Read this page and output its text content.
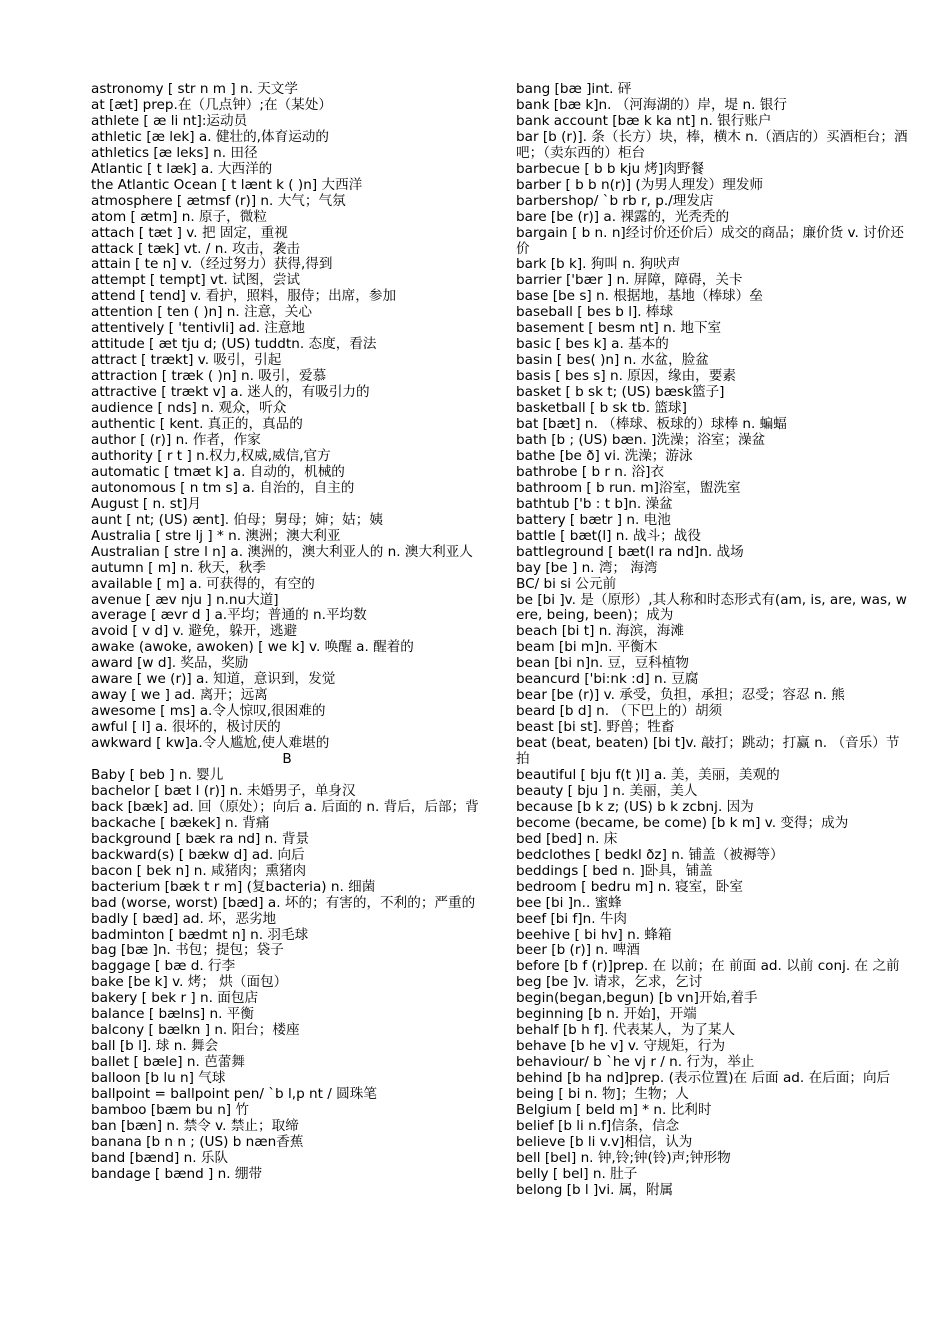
astronomy [ str n m ] n. 天文学
at [æt] prep.在（几点钟）;在（某处）
athlete [ æ li nt]:运动员
athletic [æ lek] a. 健壮的,体育运动的
athletics [æ leks] n. 田径
Atlantic [ t læk] a. 大西洋的
the Atlantic Ocean [ t lænt k ( )n] 大西洋
atmosphere [ ætmsf (r)] n. 大气；气氛
atom [ ætm] n. 原子，微粒
attach [ tæt ] v. 把 固定，重视
attack [ tæk] vt. / n. 攻击，袭击
attain [ te n] v.（经过努力）获得,得到
attempt [ tempt] vt. 试图，尝试
attend [ tend] v. 看护，照料，服侍；出席，参加
attention [ ten ( )n] n. 注意，关心
attentively [ 'tentivli] ad. 注意地
attitude [ æt tju d; (US) tuddtn. 态度，看法
attract [ trækt] v. 吸引，引起
attraction [ træk ( )n] n. 吸引，爱慕
attractive [ trækt v] a. 迷人的，有吸引力的
audience [ nds] n. 观众，听众
authentic [ kent. 真正的，真品的
author [ (r)] n. 作者，作家
authority [ r t ] n.权力,权威,威信,官方
automatic [ tmæt k] a. 自动的，机械的
autonomous [ n tm s] a. 自治的，自主的
August [ n. st]月
aunt [ nt; (US) ænt]. 伯母；舅母；婶；姑；姨
Australia [ stre lj ] * n. 澳洲；澳大利亚
Australian [ stre l n] a. 澳洲的，澳大利亚人的 n. 澳大利亚人
autumn [ m] n. 秋天，秋季
available [ m] a. 可获得的，有空的
avenue [ æv nju ] n.nu大道]
average [ ævr d ] a.平均；普通的 n.平均数
avoid [ v d] v. 避免，躲开，逃避
awake (awoke, awoken) [ we k] v. 唤醒 a. 醒着的
award [w d]. 奖品，奖励
aware [ we (r)] a. 知道，意识到，发觉
away [ we ] ad. 离开；远离
awesome [ ms] a.令人惊叹,很困难的
awful [ l] a. 很坏的，极讨厌的
awkward [ kw]a.令人尴尬,使人难堪的
B
Baby [ beb ] n. 婴儿
bachelor [ bæt l (r)] n. 未婚男子，单身汉
back [bæk] ad. 回（原处）；向后 a. 后面的 n. 背后，后部；背
backache [ bækek] n. 背痛
background [ bæk ra nd] n. 背景
backward(s) [ bækw d] ad. 向后
bacon [ bek n] n. 咸猪肉；熏猪肉
bacterium [bæk t r m] (复bacteria) n. 细菌
bad (worse, worst) [bæd] a. 坏的；有害的，不利的；严重的
badly [ bæd] ad. 坏，恶劣地
badminton [ bædmt n] n. 羽毛球
bag [bæ ]n. 书包；提包；袋子
baggage [ bæ d. 行李
bake [be k] v. 烤； 烘（面包）
bakery [ bek r ] n. 面包店
balance [ bælns] n. 平衡
balcony [ bælkn ] n. 阳台；楼座
ball [b l]. 球 n. 舞会
ballet [ bæle] n. 芭蕾舞
balloon [b lu n] 气球
ballpoint = ballpoint pen/ `b l,p nt / 圆珠笔
bamboo [bæm bu n] 竹
ban [bæn] n. 禁令 v. 禁止；取缔
banana [b n n ; (US) b næn香蕉
band [bænd] n. 乐队
bandage [ bænd ] n. 绷带
bang [bæ ]int. 砰
bank [bæ k]n. （河海湖的）岸，堤 n. 银行
bank account [bæ k ka nt] n. 银行账户
bar [b (r)]. 条（长方）块，棒，横木 n.（酒店的）买酒柜台；酒吧；（卖东西的）柜台
barbecue [ b b kju 烤]肉野餐
barber [ b b n(r)] (为男人理发）理发师
barbershop/ `b rb r, p./理发店
bare [be (r)] a. 裸露的，光秃秃的
bargain [ b n. n]经讨价还价后）成交的商品；廉价货 v. 讨价还价
bark [b k]. 狗叫 n. 狗吠声
barrier ['bær ] n. 屏障，障碍，关卡
base [be s] n. 根据地，基地（棒球）垒
baseball [ bes b l]. 棒球
basement [ besm nt] n. 地下室
basic [ bes k] a. 基本的
basin [ bes( )n] n. 水盆，脸盆
basis [ bes s] n. 原因，缘由，要素
basket [ b sk t; (US) bæsk篮子]
basketball [ b sk tb. 篮球]
bat [bæt] n. （棒球、板球的）球棒 n. 蝙蝠
bath [b ; (US) bæn. ]洗澡；浴室；澡盆
bathe [be ð] vi. 洗澡；游泳
bathrobe [ b r n. 浴]衣
bathroom [ b run. m]浴室，盥洗室
bathtub ['b : t b]n. 澡盆
battery [ bætr ] n. 电池
battle [ bæt(l] n. 战斗；战役
battleground [ bæt(l ra nd]n. 战场
bay [be ] n. 湾； 海湾
BC/ bi si 公元前
be [bi ]v. 是（原形）,其人称和时态形式有(am, is, are, was, were, being, been)；成为
beach [bi t] n. 海滨，海滩
beam [bi m]n. 平衡木
bean [bi n]n. 豆，豆科植物
beancurd ['bi:nk :d] n. 豆腐
bear [be (r)] v. 承受，负担，承担；忍受；容忍 n. 熊
beard [b d] n. （下巴上的）胡须
beast [bi st]. 野兽；牲畜
beat (beat, beaten) [bi t]v. 敲打；跳动；打赢 n. （音乐）节拍
beautiful [ bju f(t )l] a. 美，美丽，美观的
beauty [ bju ] n. 美丽，美人
because [b k z; (US) b k zcbnj. 因为
become (became, be come) [b k m] v. 变得；成为
bed [bed] n. 床
bedclothes [ bedkl ðz] n. 铺盖（被褥等）
beddings [ bed n. ]卧具，铺盖
bedroom [ bedru m] n. 寝室，卧室
bee [bi ]n.. 蜜蜂
beef [bi f]n. 牛肉
beehive [ bi hv] n. 蜂箱
beer [b (r)] n. 啤酒
before [b f (r)]prep. 在 以前；在 前面 ad. 以前 conj. 在 之前
beg [be ]v. 请求，乞求，乞讨
begin(began,begun) [b vn]开始,着手
beginning [b n. 开始]，开端
behalf [b h f]. 代表某人，为了某人
behave [b he v] v. 守规矩，行为
behaviour/ b `he vj r / n. 行为，举止
behind [b ha nd]prep. (表示位置)在 后面 ad. 在后面；向后
being [ bi n. 物]；生物；人
Belgium [ beld m] * n. 比利时
belief [b li n.f]信条，信念
believe [b li v.v]相信，认为
bell [bel] n. 钟,铃;钟(铃)声;钟形物
belly [ bel] n. 肚子
belong [b l ]vi. 属，附属
